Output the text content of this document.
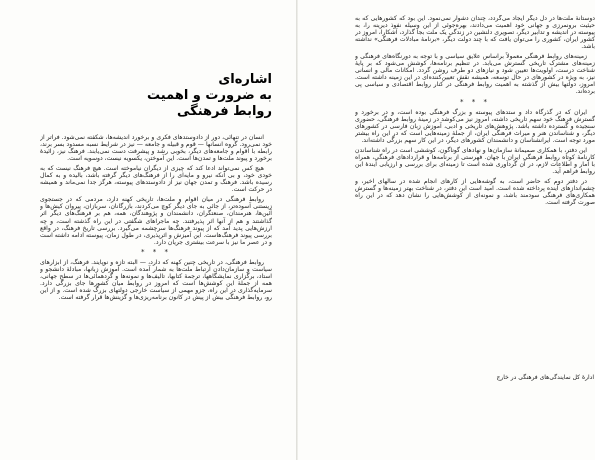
اشاره‌ای
به ضرورت و اهمیت
روابط فرهنگی

انسان در تنهائی، دور از داد‌وستدهای فکری و برخورد اندیشه‌ها، شکفته نمی‌شود. فراتر از خود نمی‌رود. گروه انسانها — قوم و قبیله و جامعه — نیز در شرایط نسبه مسدود بسر برند، رابطه با اقوام و جامعه‌های دیگر، بخوبی رشد و پیشرفت دست نمی‌یابند. فرهنگ نیز، زائیدهٔ برخورد و پیوند ملت‌ها و تمدن‌ها است. این آموختن، یکسویه نیست، دوسویه است.

هیچ کس نمی‌تواند ادعا کند که چیزی از دیگران نیاموخته است. هیچ فرهنگ نیست که به خودی خود، و بی آنکه نیرو و مایه‌ای را از فرهنگ‌های دیگر گرفته باشد، بالیده و به کمال رسیده باشد. فرهنگ و تمدن جهان نیز از داد‌وستدهای پیوسته، هرگز جدا نمی‌ماند و همیشه در حرکت است.

روابط فرهنگی در میان اقوام و ملت‌ها، تاریخی کهنه دارد، مردمی که در جستجوی زیستنی آسوده‌تر، از جائی به جای دیگر کوچ می‌کردند، بازرگانان، سربازان، پیروان کیش‌ها و آئین‌ها، هنرمندان، صنعتگران، دانشمندان و پژوهندگان، همه، هم بر فرهنگ‌های دیگر اثر گذاشتند و هم از آنها اثر پذیرفتند. چه ماجراهای شگفتی در این راه گذشته است، و چه ارزش‌هایی پدید آمد که از پیوند فرهنگ‌ها سرچشمه می‌گیرد. بررسی تاریخ فرهنگ، در واقع بررسی پیوند فرهنگ‌هاست. این آمیزش و اثرپذیری، در طول زمان، پیوسته ادامه داشته است و در عصر ما نیز با سرعت بیشتری جریان دارد.

* * *

روابط فرهنگی، در تاریخی چنین کهنه که دارد، — البته تازه و نوپایند. فرهنگ، از ابزارهای سیاست و سازمان‌دادن ارتباط ملت‌ها به شمار آمده است. آموزش زبانها، مبادلهٔ دانشجو و استاد، برگزاری نمایشگاهها، ترجمهٔ کتابها، تالیف‌ها و نمونه‌ها و گردهمائی‌ها در سطح جهانی، همه از جملهٔ این کوشش‌ها است که امروز در روابط میان کشورها جای بزرگی دارد. سرمایه‌گذاری در این راه، جزو مهمی از سیاست خارجی دولتهای بزرگ شده است. و از این رو، روابط فرهنگی بیش از پیش در کانون برنامه‌ریزی‌ها و گزینش‌ها قرار گرفته است.

دوستانهٔ ملت‌ها در دل دیگر ایجاد می‌گردد، چندان دشوار نمی‌نمود. این بود که کشورهایی که به حیثیت برونمرزی و جهانی خود اهمیت می‌دادند، بهره‌جوئی از این وسیله نفوذ دیرینه را، به پیوسته در اندیشه و تدابیر دیگر، تصویری دلنشین در زندگی یک ملت بجا گذارد، آشکارا، امروز در کشور ایران، کشوری را می‌توان یافت که با چند دولت دیگر، «برنامهٔ مبادلات فرهنگی» نداشته باشد.

زمینه‌های روابط فرهنگی معمولاً براساس علایق سیاسی و با توجه به دورنگاه‌های فرهنگی و زمینه‌های مشترک تاریخی گسترش می‌یابد. در تنظیم برنامه‌ها، کوشش می‌شود که بر پایهٔ شناخت درست، اولویت‌ها تعیین شود و نیازهای دو طرف روشن گردد. امکانات مالی و انسانی نیز، به ویژه در کشورهای در حال توسعه، همیشه نقش تعیین‌کننده‌ای در این زمینه داشته است. امروز، دولتها بیش از گذشته به اهمیت روابط فرهنگی در کنار روابط اقتصادی و سیاسی پی برده‌اند.

* * *

ایران که در گذرگاه داد و ستدهای پیوسته و بزرگ فرهنگی بوده است، و در برخورد و گسترش فرهنگ خود سهم تاریخی داشته، امروز نیز می‌کوشد در زمینهٔ روابط فرهنگی، حضوری سنجیده و گسترده داشته باشد. پژوهش‌های تاریخی و ادبی، آموزش زبان فارسی در کشورهای دیگر، و شناساندن هنر و میراث فرهنگی ایران، از جملهٔ زمینه‌هایی است که در این راه بیشتر مورد توجه است. ایرانشناسان و دانشمندان کشورهای دیگر، در این کار سهم بزرگی داشته‌اند.

این دفتر، با همکاری صمیمانهٔ سازمان‌ها و نهادهای گوناگون، کوششی است در راه شناساندن کارنامهٔ کوتاه روابط فرهنگی ایران با جهان. فهرستی از برنامه‌ها و قراردادهای فرهنگی، همراه با آمار و اطلاعات لازم، در آن گردآوری شده است تا زمینه‌ای برای بررسی و ارزیابی آیندهٔ این روابط فراهم آید.

در دفتر دوم که حاضر است، به گوشه‌هایی از کارهای انجام شده در سالهای اخیر، و چشم‌اندازهای آینده پرداخته شده است. امید است این دفتر، در شناخت بهتر زمینه‌ها و گسترش همکاری‌های فرهنگی سودمند باشد، و نمونه‌ای از کوشش‌هایی را نشان دهد که در این راه صورت گرفته است.

ادارهٔ کل نمایندگی‌های فرهنگی در خارج
